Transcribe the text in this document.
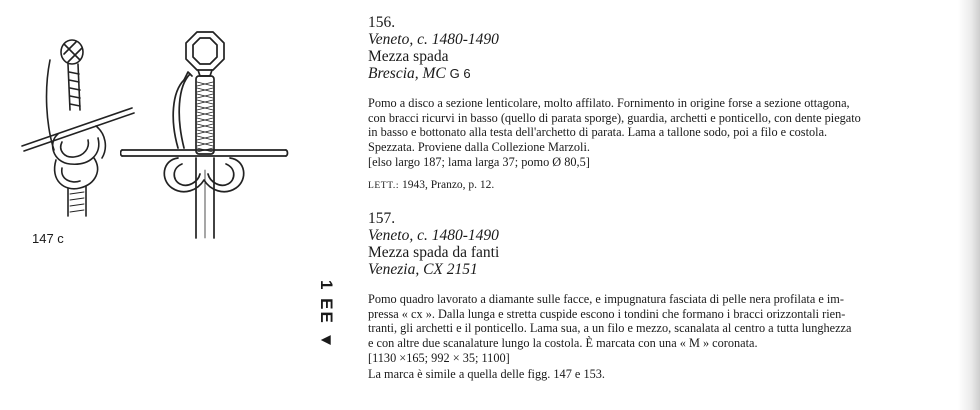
147 c
1 EE ▼
156.
Veneto, c. 1480-1490
Mezza spada
Brescia, MC G 6
Pomo a disco a sezione lenticolare, molto affilato. Fornimento in origine forse a sezione ottagona,
con bracci ricurvi in basso (quello di parata sporge), guardia, archetti e ponticello, con dente piegato
in basso e bottonato alla testa dell'archetto di parata. Lama a tallone sodo, poi a filo e costola.
Spezzata. Proviene dalla Collezione Marzoli.
[elso largo 187; lama larga 37; pomo Ø 80,5]
LETT.: 1943, Pranzo, p. 12.
157.
Veneto, c. 1480-1490
Mezza spada da fanti
Venezia, CX 2151
Pomo quadro lavorato a diamante sulle facce, e impugnatura fasciata di pelle nera profilata e im-
pressa « cx ». Dalla lunga e stretta cuspide escono i tondini che formano i bracci orizzontali rien-
tranti, gli archetti e il ponticello. Lama sua, a un filo e mezzo, scanalata al centro a tutta lunghezza
e con altre due scanalature lungo la costola. È marcata con una « M » coronata.
[1130 ×165; 992 × 35; 1100]
La marca è simile a quella delle figg. 147 e 153.
